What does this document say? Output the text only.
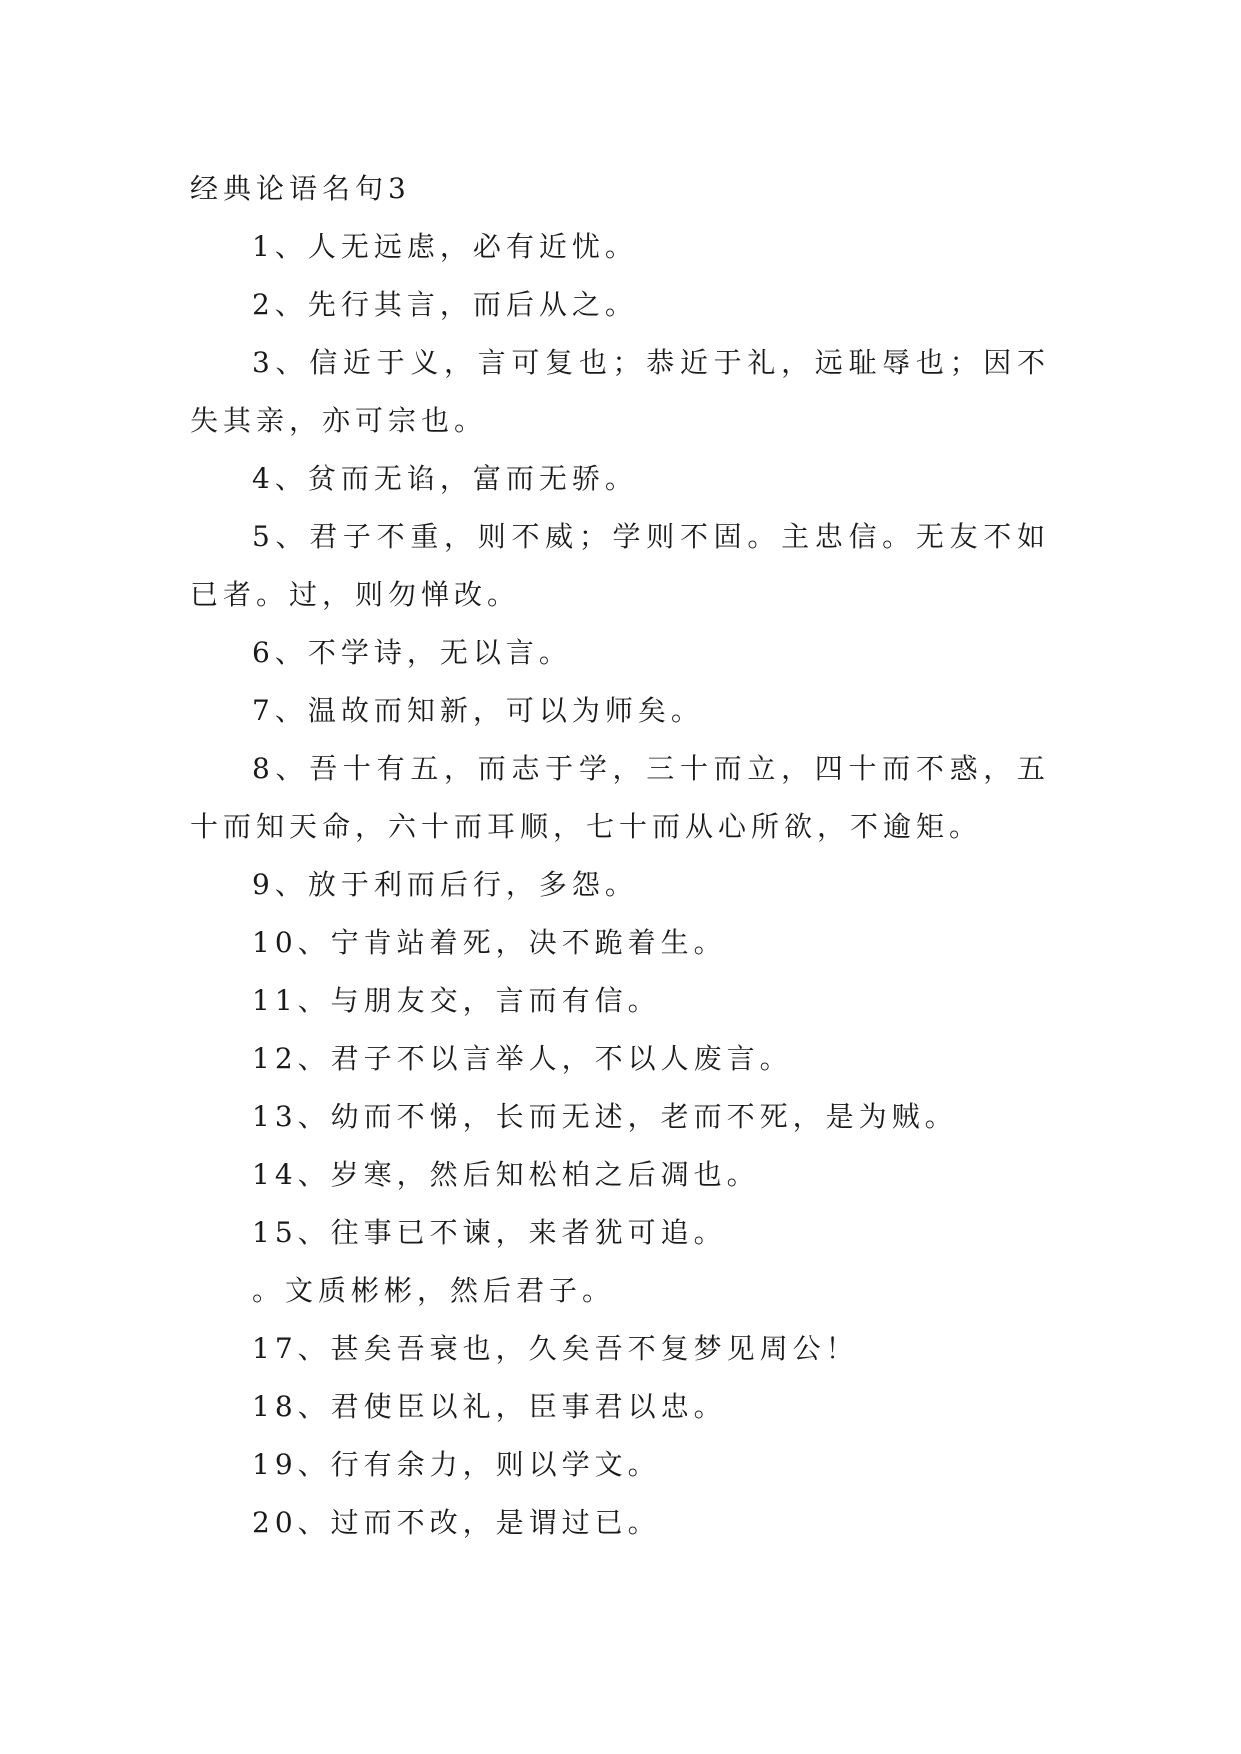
经典论语名句3

1、人无远虑，必有近忧。

2、先行其言，而后从之。

3、信近于义，言可复也；恭近于礼，远耻辱也；因不失其亲，亦可宗也。

4、贫而无谄，富而无骄。

5、君子不重，则不威；学则不固。主忠信。无友不如已者。过，则勿惮改。

6、不学诗，无以言。

7、温故而知新，可以为师矣。

8、吾十有五，而志于学，三十而立，四十而不惑，五十而知天命，六十而耳顺，七十而从心所欲，不逾矩。

9、放于利而后行，多怨。

10、宁肯站着死，决不跪着生。

11、与朋友交，言而有信。

12、君子不以言举人，不以人废言。

13、幼而不悌，长而无述，老而不死，是为贼。

14、岁寒，然后知松柏之后凋也。

15、往事已不谏，来者犹可追。

。文质彬彬，然后君子。

17、甚矣吾衰也，久矣吾不复梦见周公！

18、君使臣以礼，臣事君以忠。

19、行有余力，则以学文。

20、过而不改，是谓过已。
